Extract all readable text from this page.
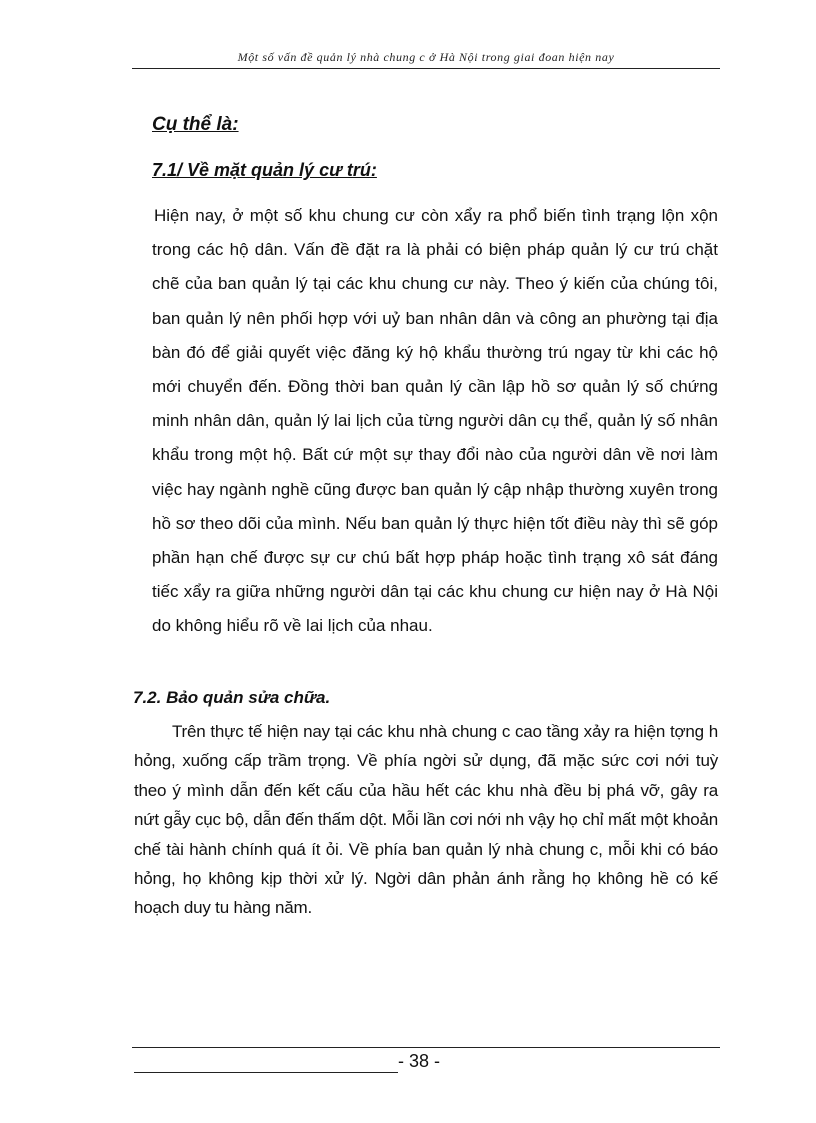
Một số vấn đề quản lý nhà chung c ở Hà Nội trong giai đoan hiện nay
Cụ thể là:
7.1/ Về mặt quản lý cư trú:

Hiện nay, ở một số khu chung cư còn xẩy ra phổ biến tình trạng lộn xộn trong các hộ dân. Vấn đề đặt ra là phải có biện pháp quản lý cư trú chặt chẽ của ban quản lý tại các khu chung cư này. Theo ý kiến của chúng tôi, ban quản lý nên phối hợp với uỷ ban nhân dân và công an phường tại địa bàn đó để giải quyết việc đăng ký hộ khẩu thường trú ngay từ khi các hộ mới chuyển đến. Đồng thời ban quản lý cần lập hồ sơ quản lý số chứng minh nhân dân, quản lý lai lịch của từng người dân cụ thể, quản lý số nhân khẩu trong một hộ. Bất cứ một sự thay đổi nào của người dân về nơi làm việc hay ngành nghề cũng được ban quản lý cập nhập thường xuyên trong hồ sơ theo dõi của mình. Nếu ban quản lý thực hiện tốt điều này thì sẽ góp phần hạn chế được sự cư chú bất hợp pháp hoặc tình trạng xô sát đáng tiếc xẩy ra giữa những người dân tại các khu chung cư hiện nay ở Hà Nội do không hiểu rõ về lai lịch của nhau.

7.2. Bảo quản sửa chữa.

Trên thực tế hiện nay tại các khu nhà chung c cao tầng xảy ra hiện tợng h hỏng, xuống cấp trầm trọng. Về phía ngời sử dụng, đã mặc sức cơi nới tuỳ theo ý mình dẫn đến kết cấu của hầu hết các khu nhà đều bị phá vỡ, gây ra nứt gẫy cục bộ, dẫn đến thấm dột. Mỗi lần cơi nới nh vậy họ chỉ mất một khoản chế tài hành chính quá ít ỏi. Về phía ban quản lý nhà chung c, mỗi khi có báo hỏng, họ không kịp thời xử lý. Ngời dân phản ánh rằng họ không hề có kế hoạch duy tu hàng năm.

- 38 -
